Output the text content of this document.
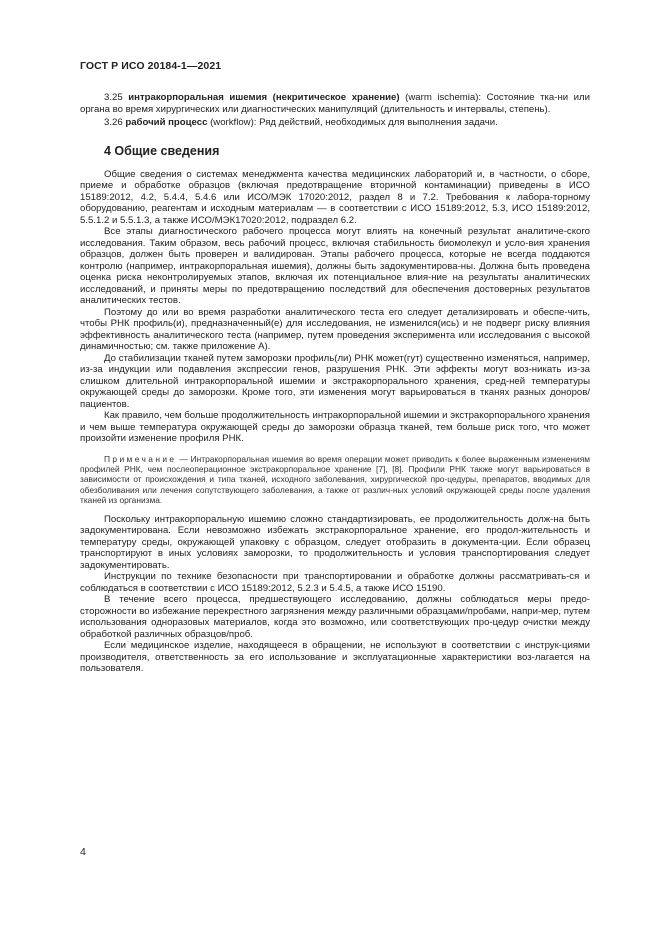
ГОСТ Р ИСО 20184-1—2021

3.25 интракорпоральная ишемия (некритическое хранение) (warm ischemia): Состояние тка-ни или органа во время хирургических или диагностических манипуляций (длительность и интервалы, степень).

3.26 рабочий процесс (workflow): Ряд действий, необходимых для выполнения задачи.

4 Общие сведения

Общие сведения о системах менеджмента качества медицинских лабораторий и, в частности, о сборе, приеме и обработке образцов (включая предотвращение вторичной контаминации) приведены в ИСО 15189:2012, 4.2, 5.4.4, 5.4.6 или ИСО/МЭК 17020:2012, раздел 8 и 7.2. Требования к лабора-торному оборудованию, реагентам и исходным материалам — в соответствии с ИСО 15189:2012, 5.3, ИСО 15189:2012, 5.5.1.2 и 5.5.1.3, а также ИСО/МЭК17020:2012, подраздел 6.2.

Все этапы диагностического рабочего процесса могут влиять на конечный результат аналитиче-ского исследования. Таким образом, весь рабочий процесс, включая стабильность биомолекул и усло-вия хранения образцов, должен быть проверен и валидирован. Этапы рабочего процесса, которые не всегда поддаются контролю (например, интракорпоральная ишемия), должны быть задокументирова-ны. Должна быть проведена оценка риска неконтролируемых этапов, включая их потенциальное влия-ние на результаты аналитических исследований, и приняты меры по предотвращению последствий для обеспечения достоверных результатов аналитических тестов.

Поэтому до или во время разработки аналитического теста его следует детализировать и обеспе-чить, чтобы РНК профиль(и), предназначенный(е) для исследования, не изменился(ись) и не подверг риску влияния эффективность аналитического теста (например, путем проведения эксперимента или исследования с высокой динамичностью; см. также приложение А).

До стабилизации тканей путем заморозки профиль(ли) РНК может(гут) существенно изменяться, например, из-за индукции или подавления экспрессии генов, разрушения РНК. Эти эффекты могут воз-никать из-за слишком длительной интракорпоральной ишемии и экстракорпорального хранения, сред-ней температуры окружающей среды до заморозки. Кроме того, эти изменения могут варьироваться в тканях разных доноров/пациентов.

Как правило, чем больше продолжительность интракорпоральной ишемии и экстракорпорального хранения и чем выше температура окружающей среды до заморозки образца тканей, тем больше риск того, что может произойти изменение профиля РНК.

Примечание — Интракорпоральная ишемия во время операции может приводить к более выраженным изменениям профилей РНК, чем послеоперационное экстракорпоральное хранение [7], [8]. Профили РНК также могут варьироваться в зависимости от происхождения и типа тканей, исходного заболевания, хирургической про-цедуры, препаратов, вводимых для обезболивания или лечения сопутствующего заболевания, а также от различ-ных условий окружающей среды после удаления тканей из организма.

Поскольку интракорпоральную ишемию сложно стандартизировать, ее продолжительность долж-на быть задокументирована. Если невозможно избежать экстракорпоральное хранение, его продол-жительность и температуру среды, окружающей упаковку с образцом, следует отобразить в документа-ции. Если образец транспортируют в иных условиях заморозки, то продолжительность и условия транспортирования следует задокументировать.

Инструкции по технике безопасности при транспортировании и обработке должны рассматривать-ся и соблюдаться в соответствии с ИСО 15189:2012, 5.2.3 и 5.4.5, а также ИСО 15190.

В течение всего процесса, предшествующего исследованию, должны соблюдаться меры предо-сторожности во избежание перекрестного загрязнения между различными образцами/пробами, напри-мер, путем использования одноразовых материалов, когда это возможно, или соответствующих про-цедур очистки между обработкой различных образцов/проб.

Если медицинское изделие, находящееся в обращении, не используют в соответствии с инструк-циями производителя, ответственность за его использование и эксплуатационные характеристики воз-лагается на пользователя.

4
